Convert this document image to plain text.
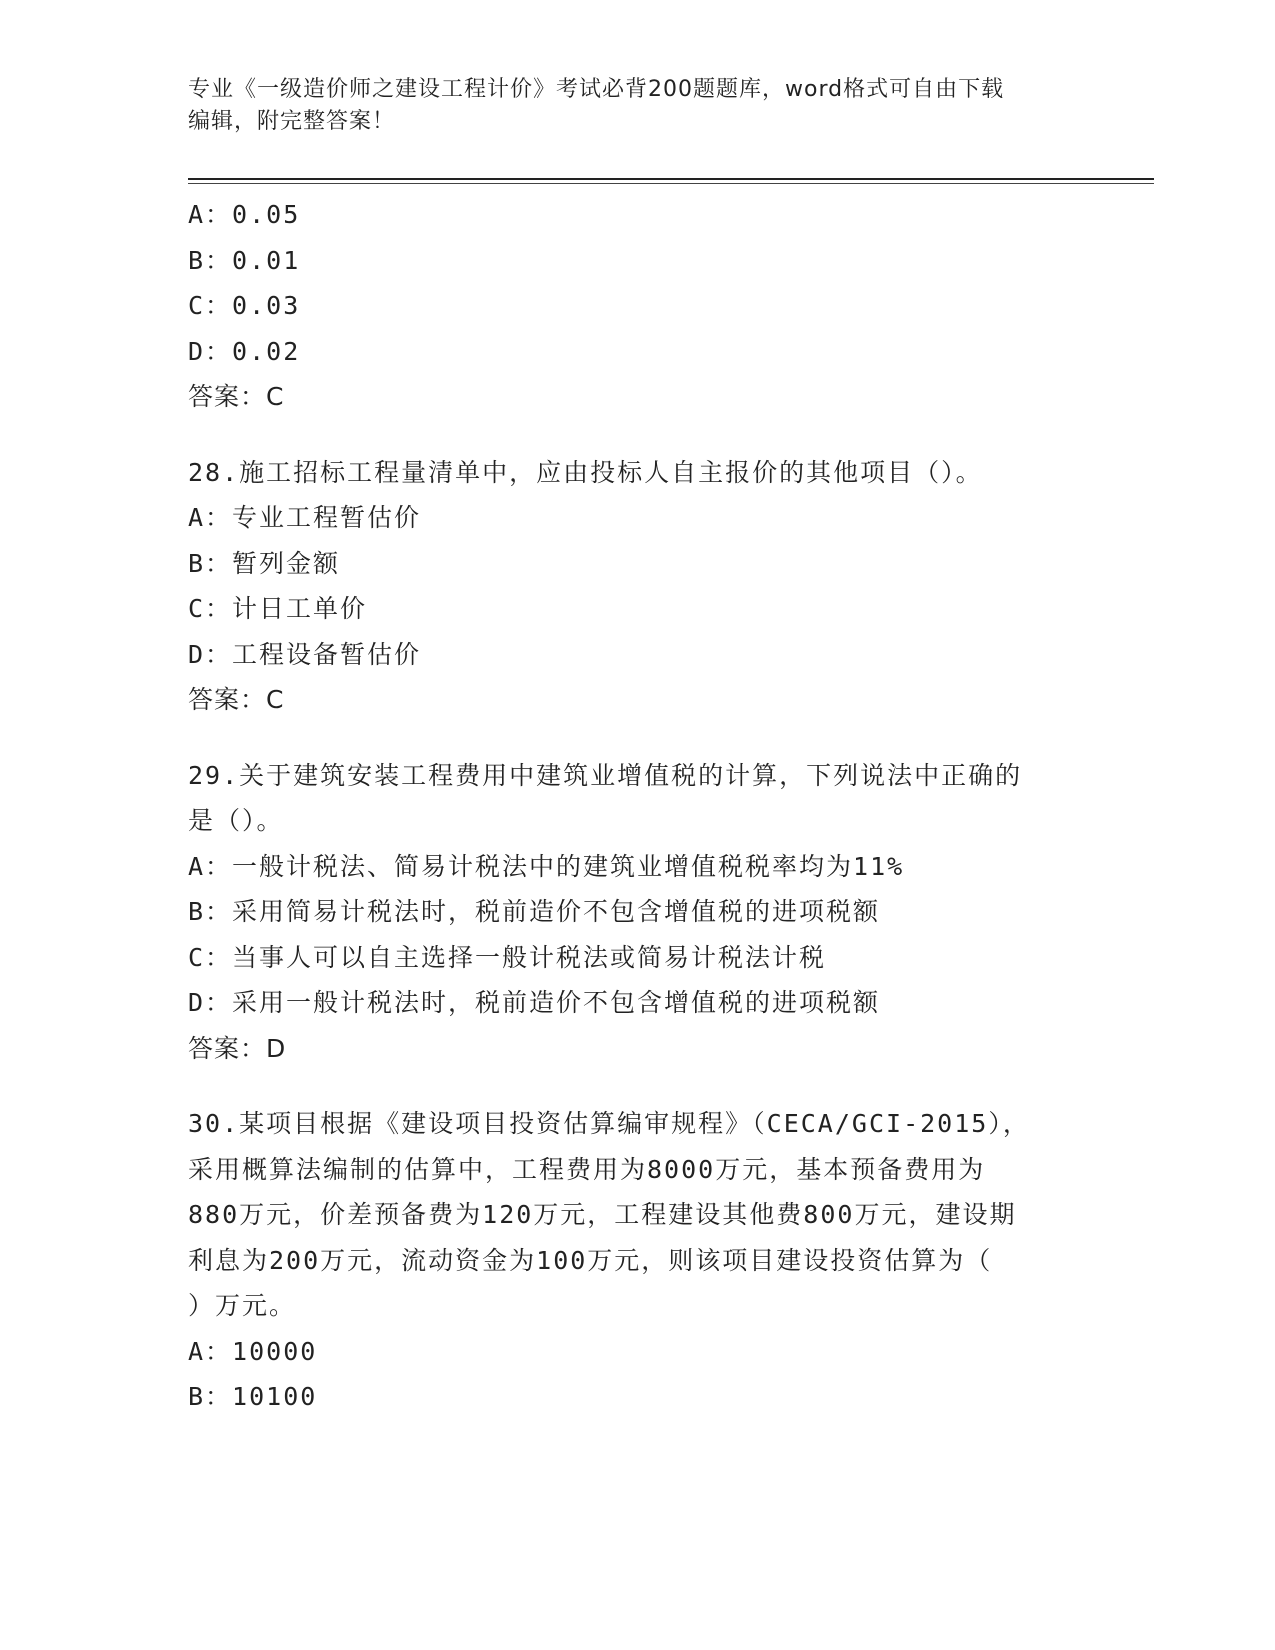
专业《一级造价师之建设工程计价》考试必背200题题库，word格式可自由下载
编辑，附完整答案！
A：0.05
B：0.01
C：0.03
D：0.02
答案：C
28.施工招标工程量清单中，应由投标人自主报价的其他项目（）。
A：专业工程暂估价
B：暂列金额
C：计日工单价
D：工程设备暂估价
答案：C
29.关于建筑安装工程费用中建筑业增值税的计算，下列说法中正确的
是（）。
A：一般计税法、简易计税法中的建筑业增值税税率均为11%
B：采用简易计税法时，税前造价不包含增值税的进项税额
C：当事人可以自主选择一般计税法或简易计税法计税
D：采用一般计税法时，税前造价不包含增值税的进项税额
答案：D
30.某项目根据《建设项目投资估算编审规程》（CECA/GCI-2015），
采用概算法编制的估算中，工程费用为8000万元，基本预备费用为
880万元，价差预备费为120万元，工程建设其他费800万元，建设期
利息为200万元，流动资金为100万元，则该项目建设投资估算为（
）万元。
A：10000
B：10100
